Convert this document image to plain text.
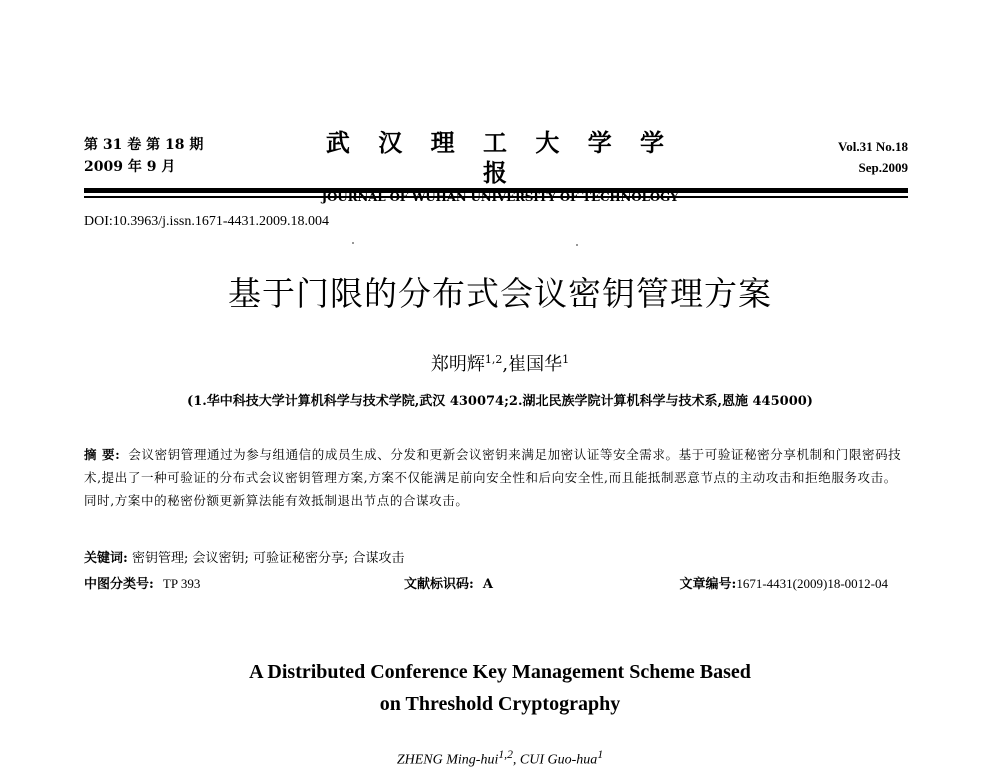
第 31 卷 第 18 期
2009 年 9 月
武 汉 理 工 大 学 学 报
Vol.31 No.18
Sep.2009
DOI:10.3963/j.issn.1671-4431.2009.18.004
基于门限的分布式会议密钥管理方案
郑明辉$^{1,2}$,崔国华$^1$
(1.华中科技大学计算机科学与技术学院,武汉 430074;2.湖北民族学院计算机科学与技术系,恩施 445000)
摘 要: 会议密钥管理通过为参与组通信的成员生成、分发和更新会议密钥来满足加密认证等安全需求。基于可验证秘密分享机制和门限密码技术,提出了一种可验证的分布式会议密钥管理方案,方案不仅能满足前向安全性和后向安全性,而且能抵制恶意节点的主动攻击和拒绝服务攻击。同时,方案中的秘密份额更新算法能有效抵制退出节点的合谋攻击。
关键词: 密钥管理; 会议密钥; 可验证秘密分享; 合谋攻击
中图分类号: TP 393	文献标识码: A	文章编号:1671-4431(2009)18-0012-04
A Distributed Conference Key Management Scheme Based
on Threshold Cryptography
ZHENG Ming-hui$^{1,2}$, CUI Guo-hua$^1$
